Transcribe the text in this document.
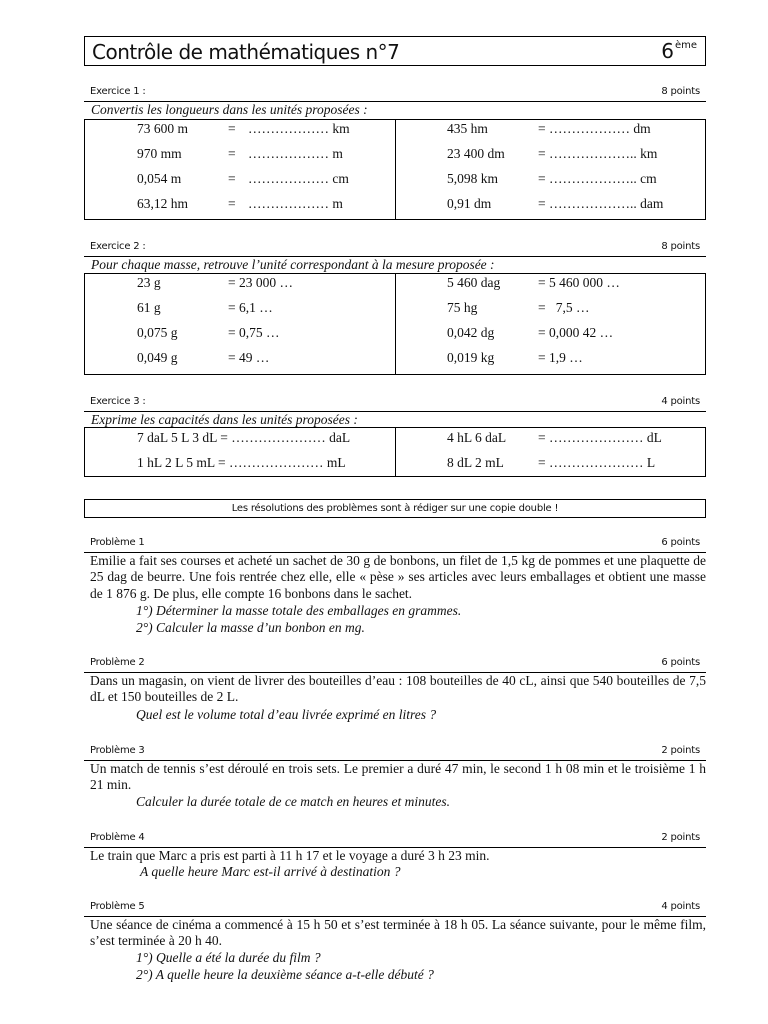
Contrôle de mathématiques n°7	6ème
Exercice 1 :	8 points
Convertis les longueurs dans les unités proposées :
73 600 m	= ……………… km	435 hm	= ……………… dm
970 mm	= ……………… m	23 400 dm = ……………….. km
0,054 m	= ……………… cm	5,098 km	= ……………….. cm
63,12 hm	= ……………… m	0,91 dm	= ……………….. dam
Exercice 2 :	8 points
Pour chaque masse, retrouve l’unité correspondant à la mesure proposée :
23 g	= 23 000 …	5 460 dag	= 5 460 000 …
61 g	= 6,1 …	75 hg	=   7,5 …
0,075 g	= 0,75 …	0,042 dg	= 0,000 42 …
0,049 g	= 49 …	0,019 kg	= 1,9 …
Exercice 3 :	4 points
Exprime les capacités dans les unités proposées :
7 daL 5 L 3 dL = ………………… daL	4 hL 6 daL = ………………… dL
1 hL 2 L 5 mL = ………………… mL	8 dL 2 mL	= ………………… L
Les résolutions des problèmes sont à rédiger sur une copie double !
Problème 1	6 points
Emilie a fait ses courses et acheté un sachet de 30 g de bonbons, un filet de 1,5 kg de pommes et une plaquette de 25 dag de beurre. Une fois rentrée chez elle, elle « pèse » ses articles avec leurs emballages et obtient une masse de 1 876 g. De plus, elle compte 16 bonbons dans le sachet.
1°) Déterminer la masse totale des emballages en grammes.
2°) Calculer la masse d’un bonbon en mg.
Problème 2	6 points
Dans un magasin, on vient de livrer des bouteilles d’eau : 108 bouteilles de 40 cL, ainsi que 540 bouteilles de 7,5 dL et 150 bouteilles de 2 L.
Quel est le volume total d’eau livrée exprimé en litres ?
Problème 3	2 points
Un match de tennis s’est déroulé en trois sets. Le premier a duré 47 min, le second 1 h 08 min et le troisième 1 h 21 min.
Calculer la durée totale de ce match en heures et minutes.
Problème 4	2 points
Le train que Marc a pris est parti à 11 h 17 et le voyage a duré 3 h 23 min.
A quelle heure Marc est-il arrivé à destination ?
Problème 5	4 points
Une séance de cinéma a commencé à 15 h 50 et s’est terminée à 18 h 05. La séance suivante, pour le même film, s’est terminée à 20 h 40.
1°) Quelle a été la durée du film ?
2°) A quelle heure la deuxième séance a-t-elle débuté ?
